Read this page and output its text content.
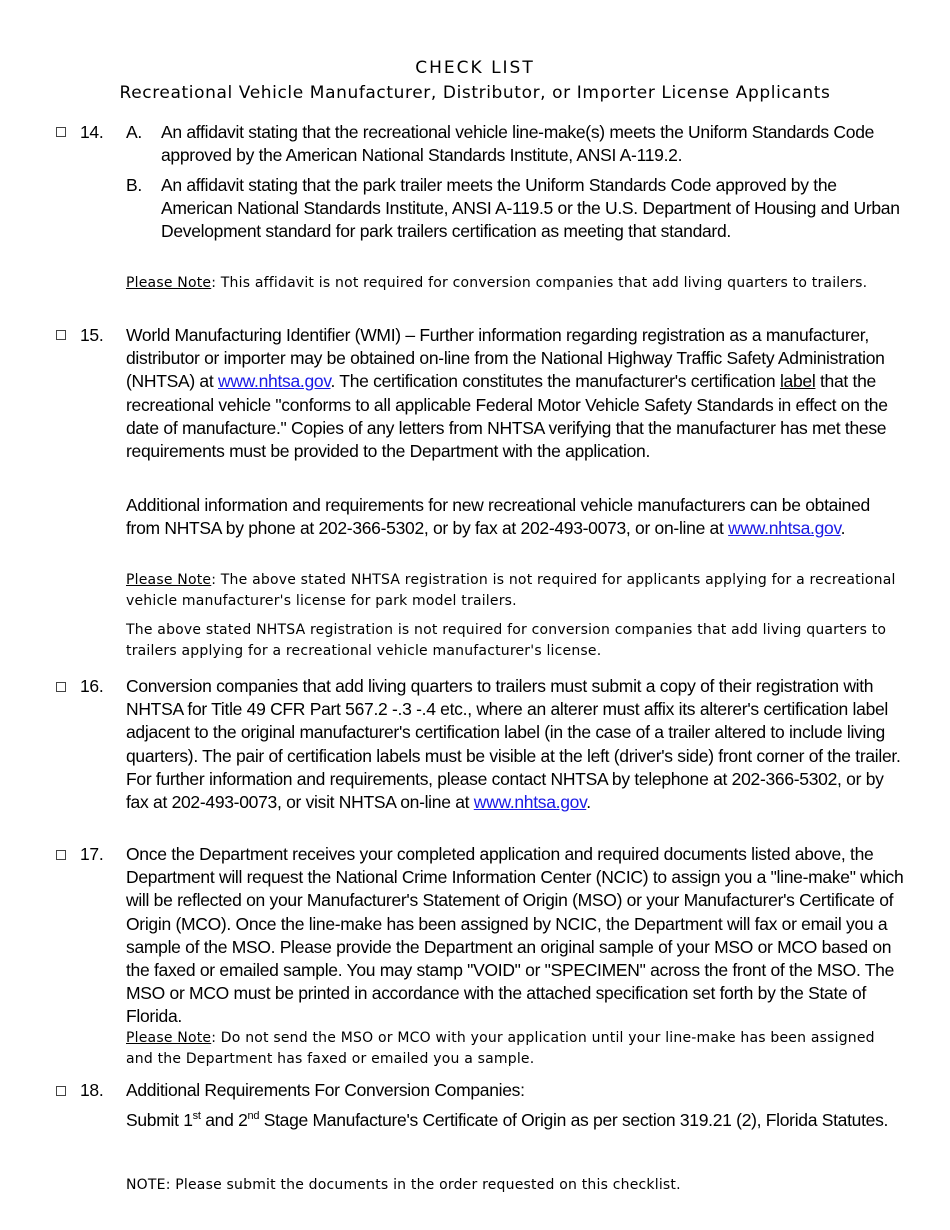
CHECK LIST
Recreational Vehicle Manufacturer, Distributor, or Importer License Applicants
14. A. An affidavit stating that the recreational vehicle line-make(s) meets the Uniform Standards Code approved by the American National Standards Institute, ANSI A-119.2.
B. An affidavit stating that the park trailer meets the Uniform Standards Code approved by the American National Standards Institute, ANSI A-119.5 or the U.S. Department of Housing and Urban Development standard for park trailers certification as meeting that standard.
Please Note: This affidavit is not required for conversion companies that add living quarters to trailers.
15. World Manufacturing Identifier (WMI) – Further information regarding registration as a manufacturer, distributor or importer may be obtained on-line from the National Highway Traffic Safety Administration (NHTSA) at www.nhtsa.gov. The certification constitutes the manufacturer's certification label that the recreational vehicle "conforms to all applicable Federal Motor Vehicle Safety Standards in effect on the date of manufacture." Copies of any letters from NHTSA verifying that the manufacturer has met these requirements must be provided to the Department with the application.
Additional information and requirements for new recreational vehicle manufacturers can be obtained from NHTSA by phone at 202-366-5302, or by fax at 202-493-0073, or on-line at www.nhtsa.gov.
Please Note: The above stated NHTSA registration is not required for applicants applying for a recreational vehicle manufacturer's license for park model trailers.
The above stated NHTSA registration is not required for conversion companies that add living quarters to trailers applying for a recreational vehicle manufacturer's license.
16. Conversion companies that add living quarters to trailers must submit a copy of their registration with NHTSA for Title 49 CFR Part 567.2 -.3 -.4 etc., where an alterer must affix its alterer's certification label adjacent to the original manufacturer's certification label (in the case of a trailer altered to include living quarters). The pair of certification labels must be visible at the left (driver's side) front corner of the trailer. For further information and requirements, please contact NHTSA by telephone at 202-366-5302, or by fax at 202-493-0073, or visit NHTSA on-line at www.nhtsa.gov.
17. Once the Department receives your completed application and required documents listed above, the Department will request the National Crime Information Center (NCIC) to assign you a "line-make" which will be reflected on your Manufacturer's Statement of Origin (MSO) or your Manufacturer's Certificate of Origin (MCO). Once the line-make has been assigned by NCIC, the Department will fax or email you a sample of the MSO. Please provide the Department an original sample of your MSO or MCO based on the faxed or emailed sample. You may stamp "VOID" or "SPECIMEN" across the front of the MSO. The MSO or MCO must be printed in accordance with the attached specification set forth by the State of Florida.
Please Note: Do not send the MSO or MCO with your application until your line-make has been assigned and the Department has faxed or emailed you a sample.
18. Additional Requirements For Conversion Companies:
Submit 1st and 2nd Stage Manufacture's Certificate of Origin as per section 319.21 (2), Florida Statutes.
NOTE: Please submit the documents in the order requested on this checklist.
